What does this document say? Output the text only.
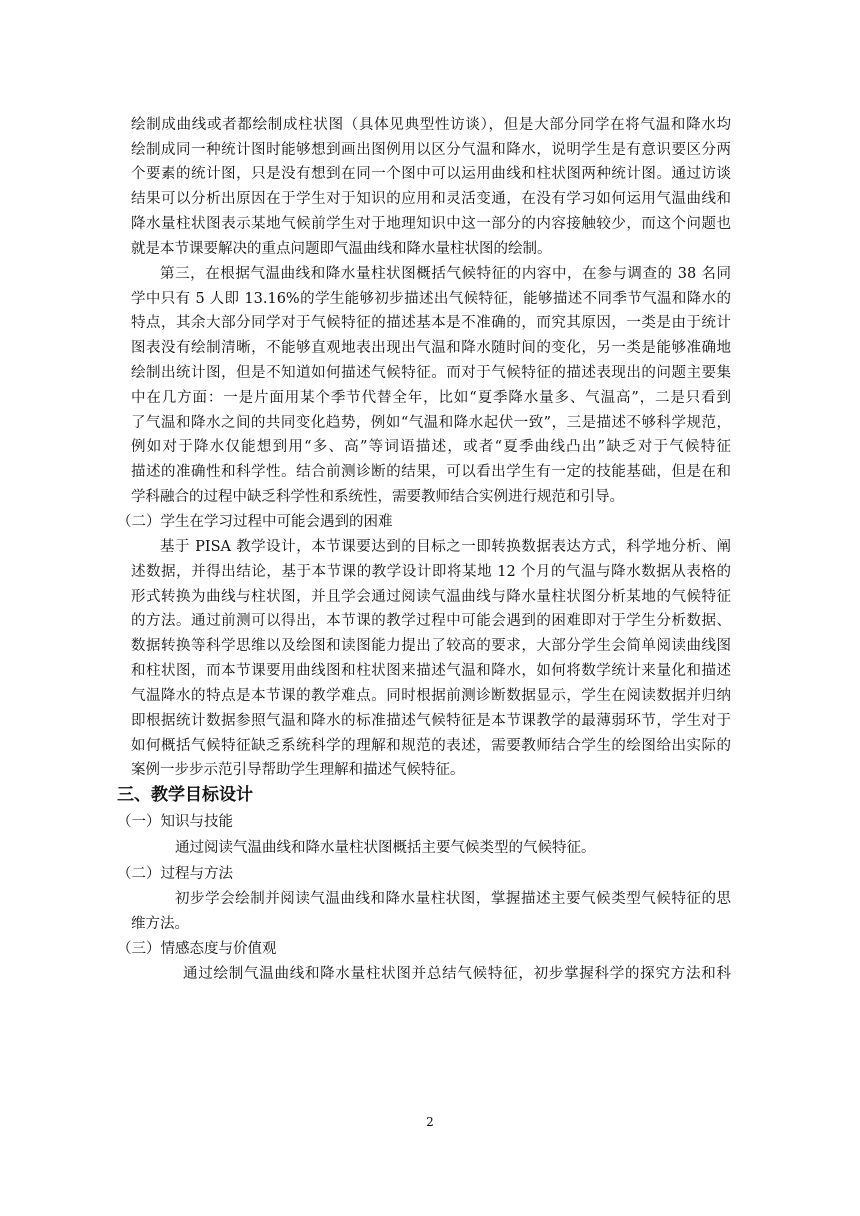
绘制成曲线或者都绘制成柱状图（具体见典型性访谈），但是大部分同学在将气温和降水均
绘制成同一种统计图时能够想到画出图例用以区分气温和降水，说明学生是有意识要区分两
个要素的统计图，只是没有想到在同一个图中可以运用曲线和柱状图两种统计图。通过访谈
结果可以分析出原因在于学生对于知识的应用和灵活变通，在没有学习如何运用气温曲线和
降水量柱状图表示某地气候前学生对于地理知识中这一部分的内容接触较少，而这个问题也
就是本节课要解决的重点问题即气温曲线和降水量柱状图的绘制。
第三，在根据气温曲线和降水量柱状图概括气候特征的内容中，在参与调查的 38 名同
学中只有 5 人即 13.16%的学生能够初步描述出气候特征，能够描述不同季节气温和降水的
特点，其余大部分同学对于气候特征的描述基本是不准确的，而究其原因，一类是由于统计
图表没有绘制清晰，不能够直观地表出现出气温和降水随时间的变化，另一类是能够准确地
绘制出统计图，但是不知道如何描述气候特征。而对于气候特征的描述表现出的问题主要集
中在几方面：一是片面用某个季节代替全年，比如“夏季降水量多、气温高”，二是只看到
了气温和降水之间的共同变化趋势，例如“气温和降水起伏一致”，三是描述不够科学规范，
例如对于降水仅能想到用“多、高”等词语描述，或者“夏季曲线凸出”缺乏对于气候特征
描述的准确性和科学性。结合前测诊断的结果，可以看出学生有一定的技能基础，但是在和
学科融合的过程中缺乏科学性和系统性，需要教师结合实例进行规范和引导。
（二）学生在学习过程中可能会遇到的困难
基于 PISA 教学设计，本节课要达到的目标之一即转换数据表达方式，科学地分析、阐
述数据，并得出结论，基于本节课的教学设计即将某地 12 个月的气温与降水数据从表格的
形式转换为曲线与柱状图，并且学会通过阅读气温曲线与降水量柱状图分析某地的气候特征
的方法。通过前测可以得出，本节课的教学过程中可能会遇到的困难即对于学生分析数据、
数据转换等科学思维以及绘图和读图能力提出了较高的要求，大部分学生会简单阅读曲线图
和柱状图，而本节课要用曲线图和柱状图来描述气温和降水，如何将数学统计来量化和描述
气温降水的特点是本节课的教学难点。同时根据前测诊断数据显示，学生在阅读数据并归纳
即根据统计数据参照气温和降水的标准描述气候特征是本节课教学的最薄弱环节，学生对于
如何概括气候特征缺乏系统科学的理解和规范的表述，需要教师结合学生的绘图给出实际的
案例一步步示范引导帮助学生理解和描述气候特征。
三、教学目标设计
（一）知识与技能
通过阅读气温曲线和降水量柱状图概括主要气候类型的气候特征。
（二）过程与方法
初步学会绘制并阅读气温曲线和降水量柱状图，掌握描述主要气候类型气候特征的思
维方法。
（三）情感态度与价值观
通过绘制气温曲线和降水量柱状图并总结气候特征，初步掌握科学的探究方法和科
2
